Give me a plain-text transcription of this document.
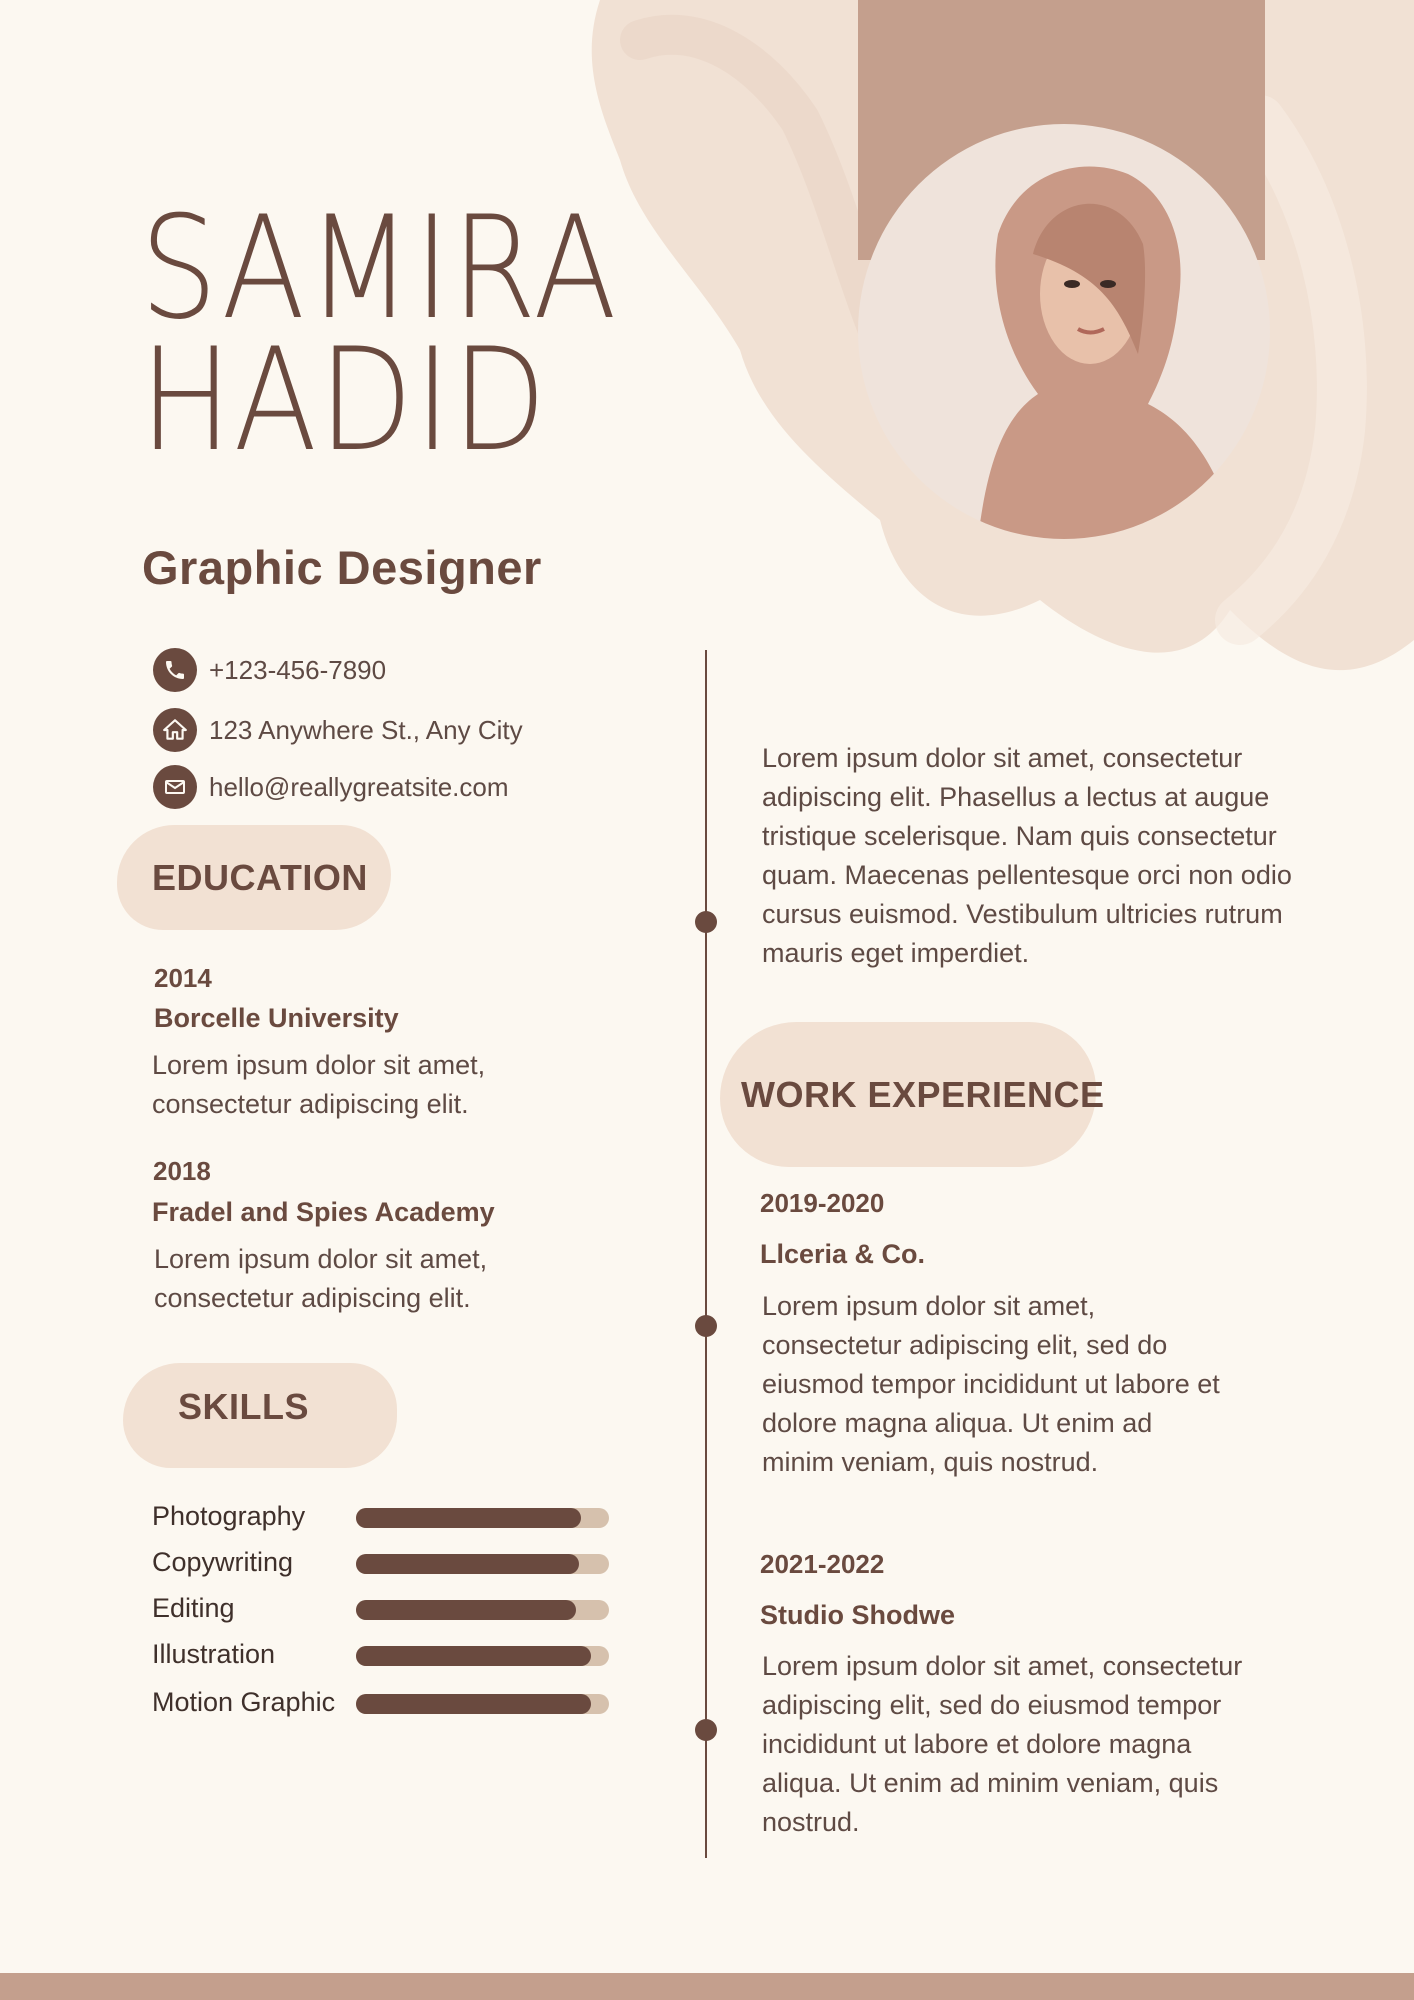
SAMIRA
HADID
Graphic Designer
+123-456-7890
123 Anywhere St., Any City
hello@reallygreatsite.com
EDUCATION
2014
Borcelle University
Lorem ipsum dolor sit amet, consectetur adipiscing elit.
2018
Fradel and Spies Academy
Lorem ipsum dolor sit amet, consectetur adipiscing elit.
SKILLS
Photography
Copywriting
Editing
Illustration
Motion Graphic
Lorem ipsum dolor sit amet, consectetur adipiscing elit. Phasellus a lectus at augue tristique scelerisque. Nam quis consectetur quam. Maecenas pellentesque orci non odio cursus euismod. Vestibulum ultricies rutrum mauris eget imperdiet.
WORK EXPERIENCE
2019-2020
Llceria & Co.
Lorem ipsum dolor sit amet, consectetur adipiscing elit, sed do eiusmod tempor incididunt ut labore et dolore magna aliqua. Ut enim ad minim veniam, quis nostrud.
2021-2022
Studio Shodwe
Lorem ipsum dolor sit amet, consectetur adipiscing elit, sed do eiusmod tempor incididunt ut labore et dolore magna aliqua. Ut enim ad minim veniam, quis nostrud.
